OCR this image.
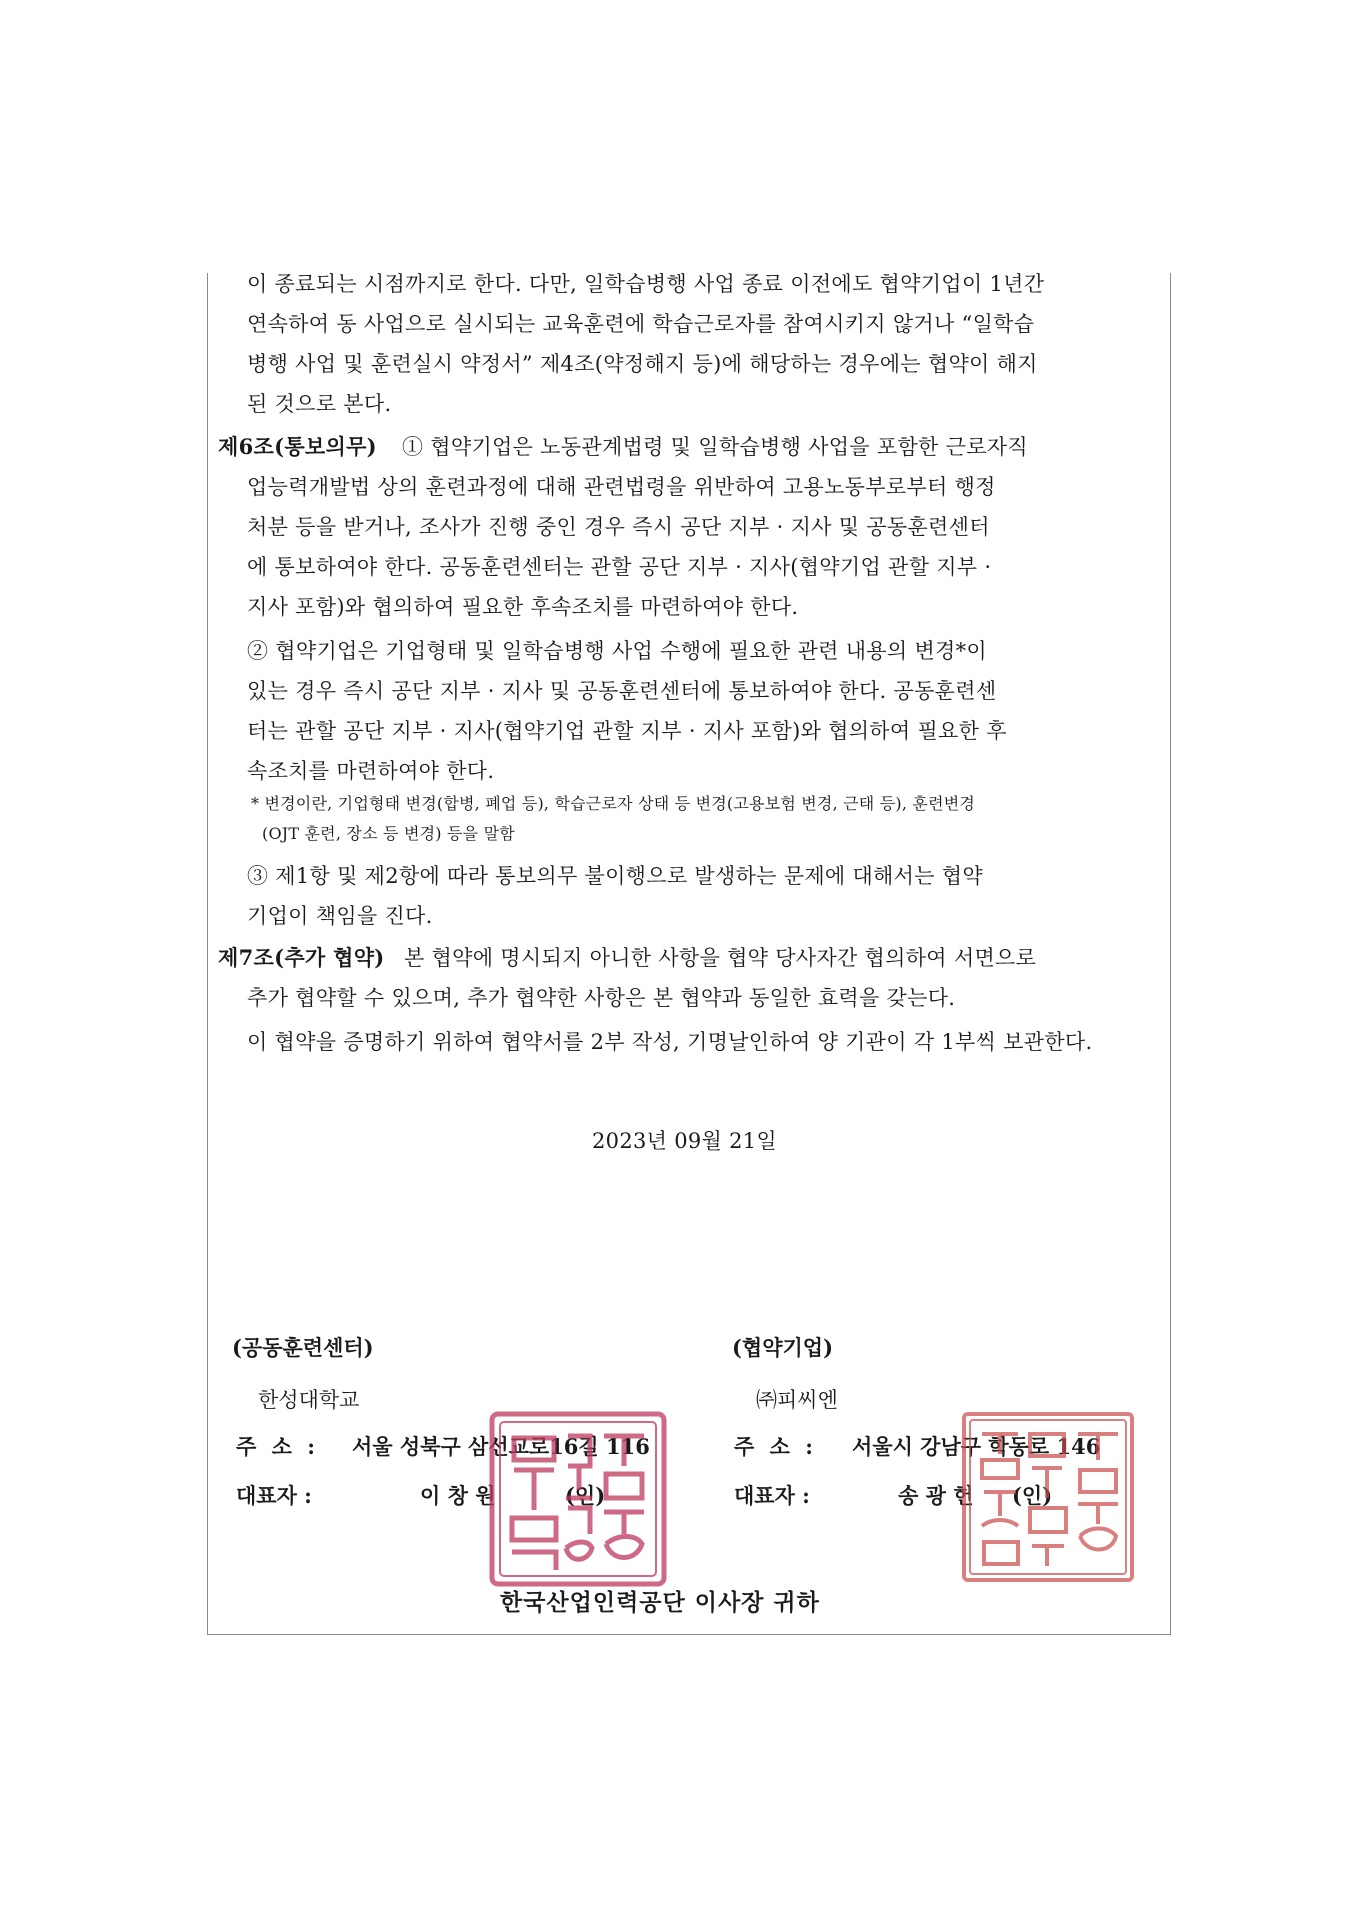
이 종료되는 시점까지로 한다. 다만, 일학습병행 사업 종료 이전에도 협약기업이 1년간
연속하여 동 사업으로 실시되는 교육훈련에 학습근로자를 참여시키지 않거나 “일학습
병행 사업 및 훈련실시 약정서” 제4조(약정해지 등)에 해당하는 경우에는 협약이 해지
된 것으로 본다.
제6조(통보의무) ① 협약기업은 노동관계법령 및 일학습병행 사업을 포함한 근로자직
업능력개발법 상의 훈련과정에 대해 관련법령을 위반하여 고용노동부로부터 행정
처분 등을 받거나, 조사가 진행 중인 경우 즉시 공단 지부 · 지사 및 공동훈련센터
에 통보하여야 한다. 공동훈련센터는 관할 공단 지부 · 지사(협약기업 관할 지부 ·
지사 포함)와 협의하여 필요한 후속조치를 마련하여야 한다.
② 협약기업은 기업형태 및 일학습병행 사업 수행에 필요한 관련 내용의 변경*이
있는 경우 즉시 공단 지부 · 지사 및 공동훈련센터에 통보하여야 한다. 공동훈련센
터는 관할 공단 지부 · 지사(협약기업 관할 지부 · 지사 포함)와 협의하여 필요한 후
속조치를 마련하여야 한다.
* 변경이란, 기업형태 변경(합병, 폐업 등), 학습근로자 상태 등 변경(고용보험 변경, 근태 등), 훈련변경
(OJT 훈련, 장소 등 변경) 등을 말함
③ 제1항 및 제2항에 따라 통보의무 불이행으로 발생하는 문제에 대해서는 협약
기업이 책임을 진다.
제7조(추가 협약) 본 협약에 명시되지 아니한 사항을 협약 당사자간 협의하여 서면으로
추가 협약할 수 있으며, 추가 협약한 사항은 본 협약과 동일한 효력을 갖는다.
이 협약을 증명하기 위하여 협약서를 2부 작성, 기명날인하여 양 기관이 각 1부씩 보관한다.
2023년 09월 21일
(공동훈련센터)
한성대학교
주 소 : 서울 성북구 삼선교로16길 116
대표자 :	이 창 원	(인)
(협약기업)
㈜피씨엔
주 소 : 서울시 강남구 학동로 146
대표자 :	송 광 헌 (인)
한국산업인력공단 이사장 귀하
